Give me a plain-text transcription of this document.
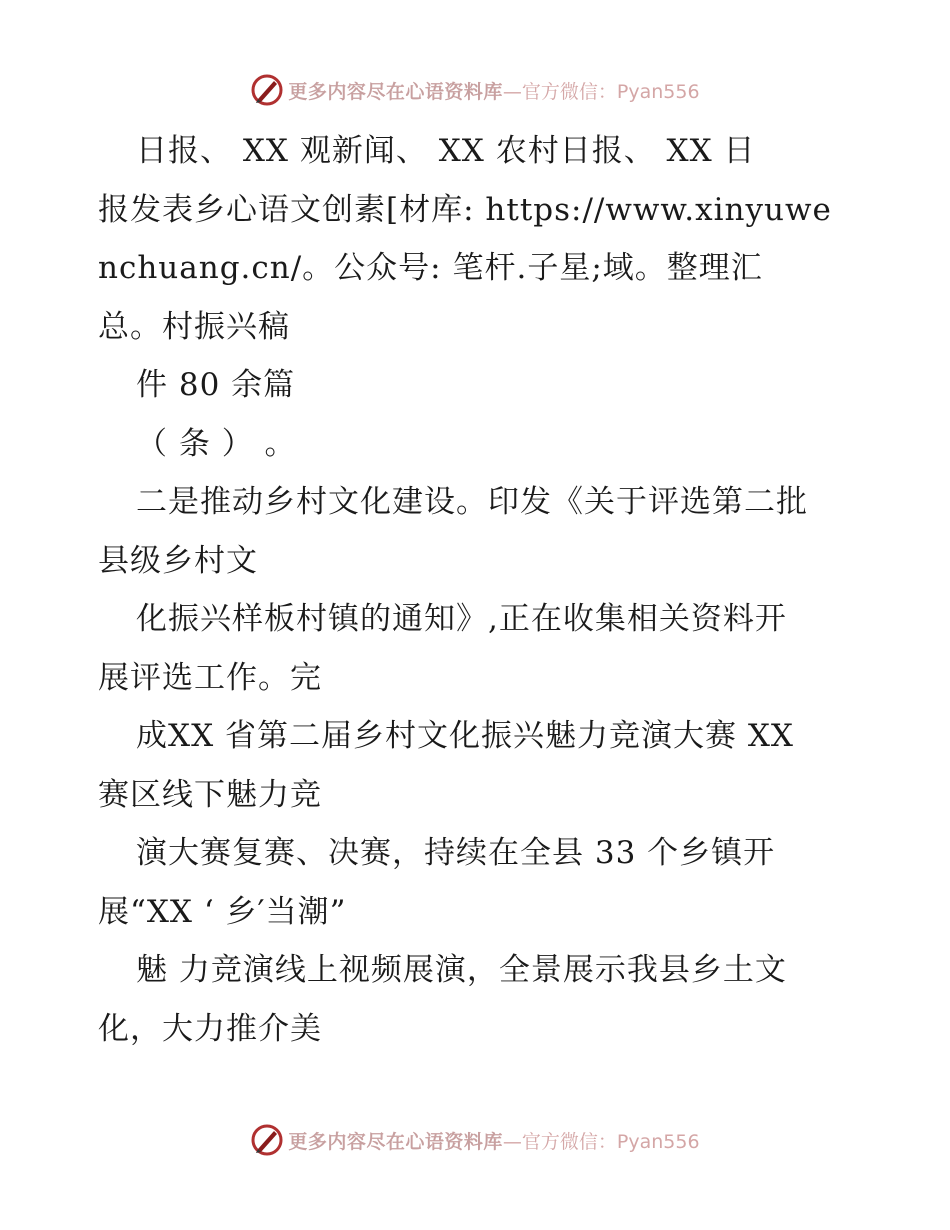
更多内容尽在心语资料库 —官方微信：Pyan556
日报、 XX 观新闻、 XX 农村日报、 XX 日
报发表乡心语文创素[材库: https://www.xinyuwe
nchuang.cn/。公众号: 笔杆.子星;域。整理汇
总。村振兴稿
件 80 余篇
（ 条 ） 。
二是推动乡村文化建设。印发《关于评选第二批
县级乡村文
化振兴样板村镇的通知》,正在收集相关资料开
展评选工作。完
成XX 省第二届乡村文化振兴魅力竞演大赛 XX
赛区线下魅力竞
演大赛复赛、决赛，持续在全县 33 个乡镇开
展“XX ‘ 乡′当潮”
魅 力竞演线上视频展演，全景展示我县乡土文
化，大力推介美
更多内容尽在心语资料库 —官方微信：Pyan556
